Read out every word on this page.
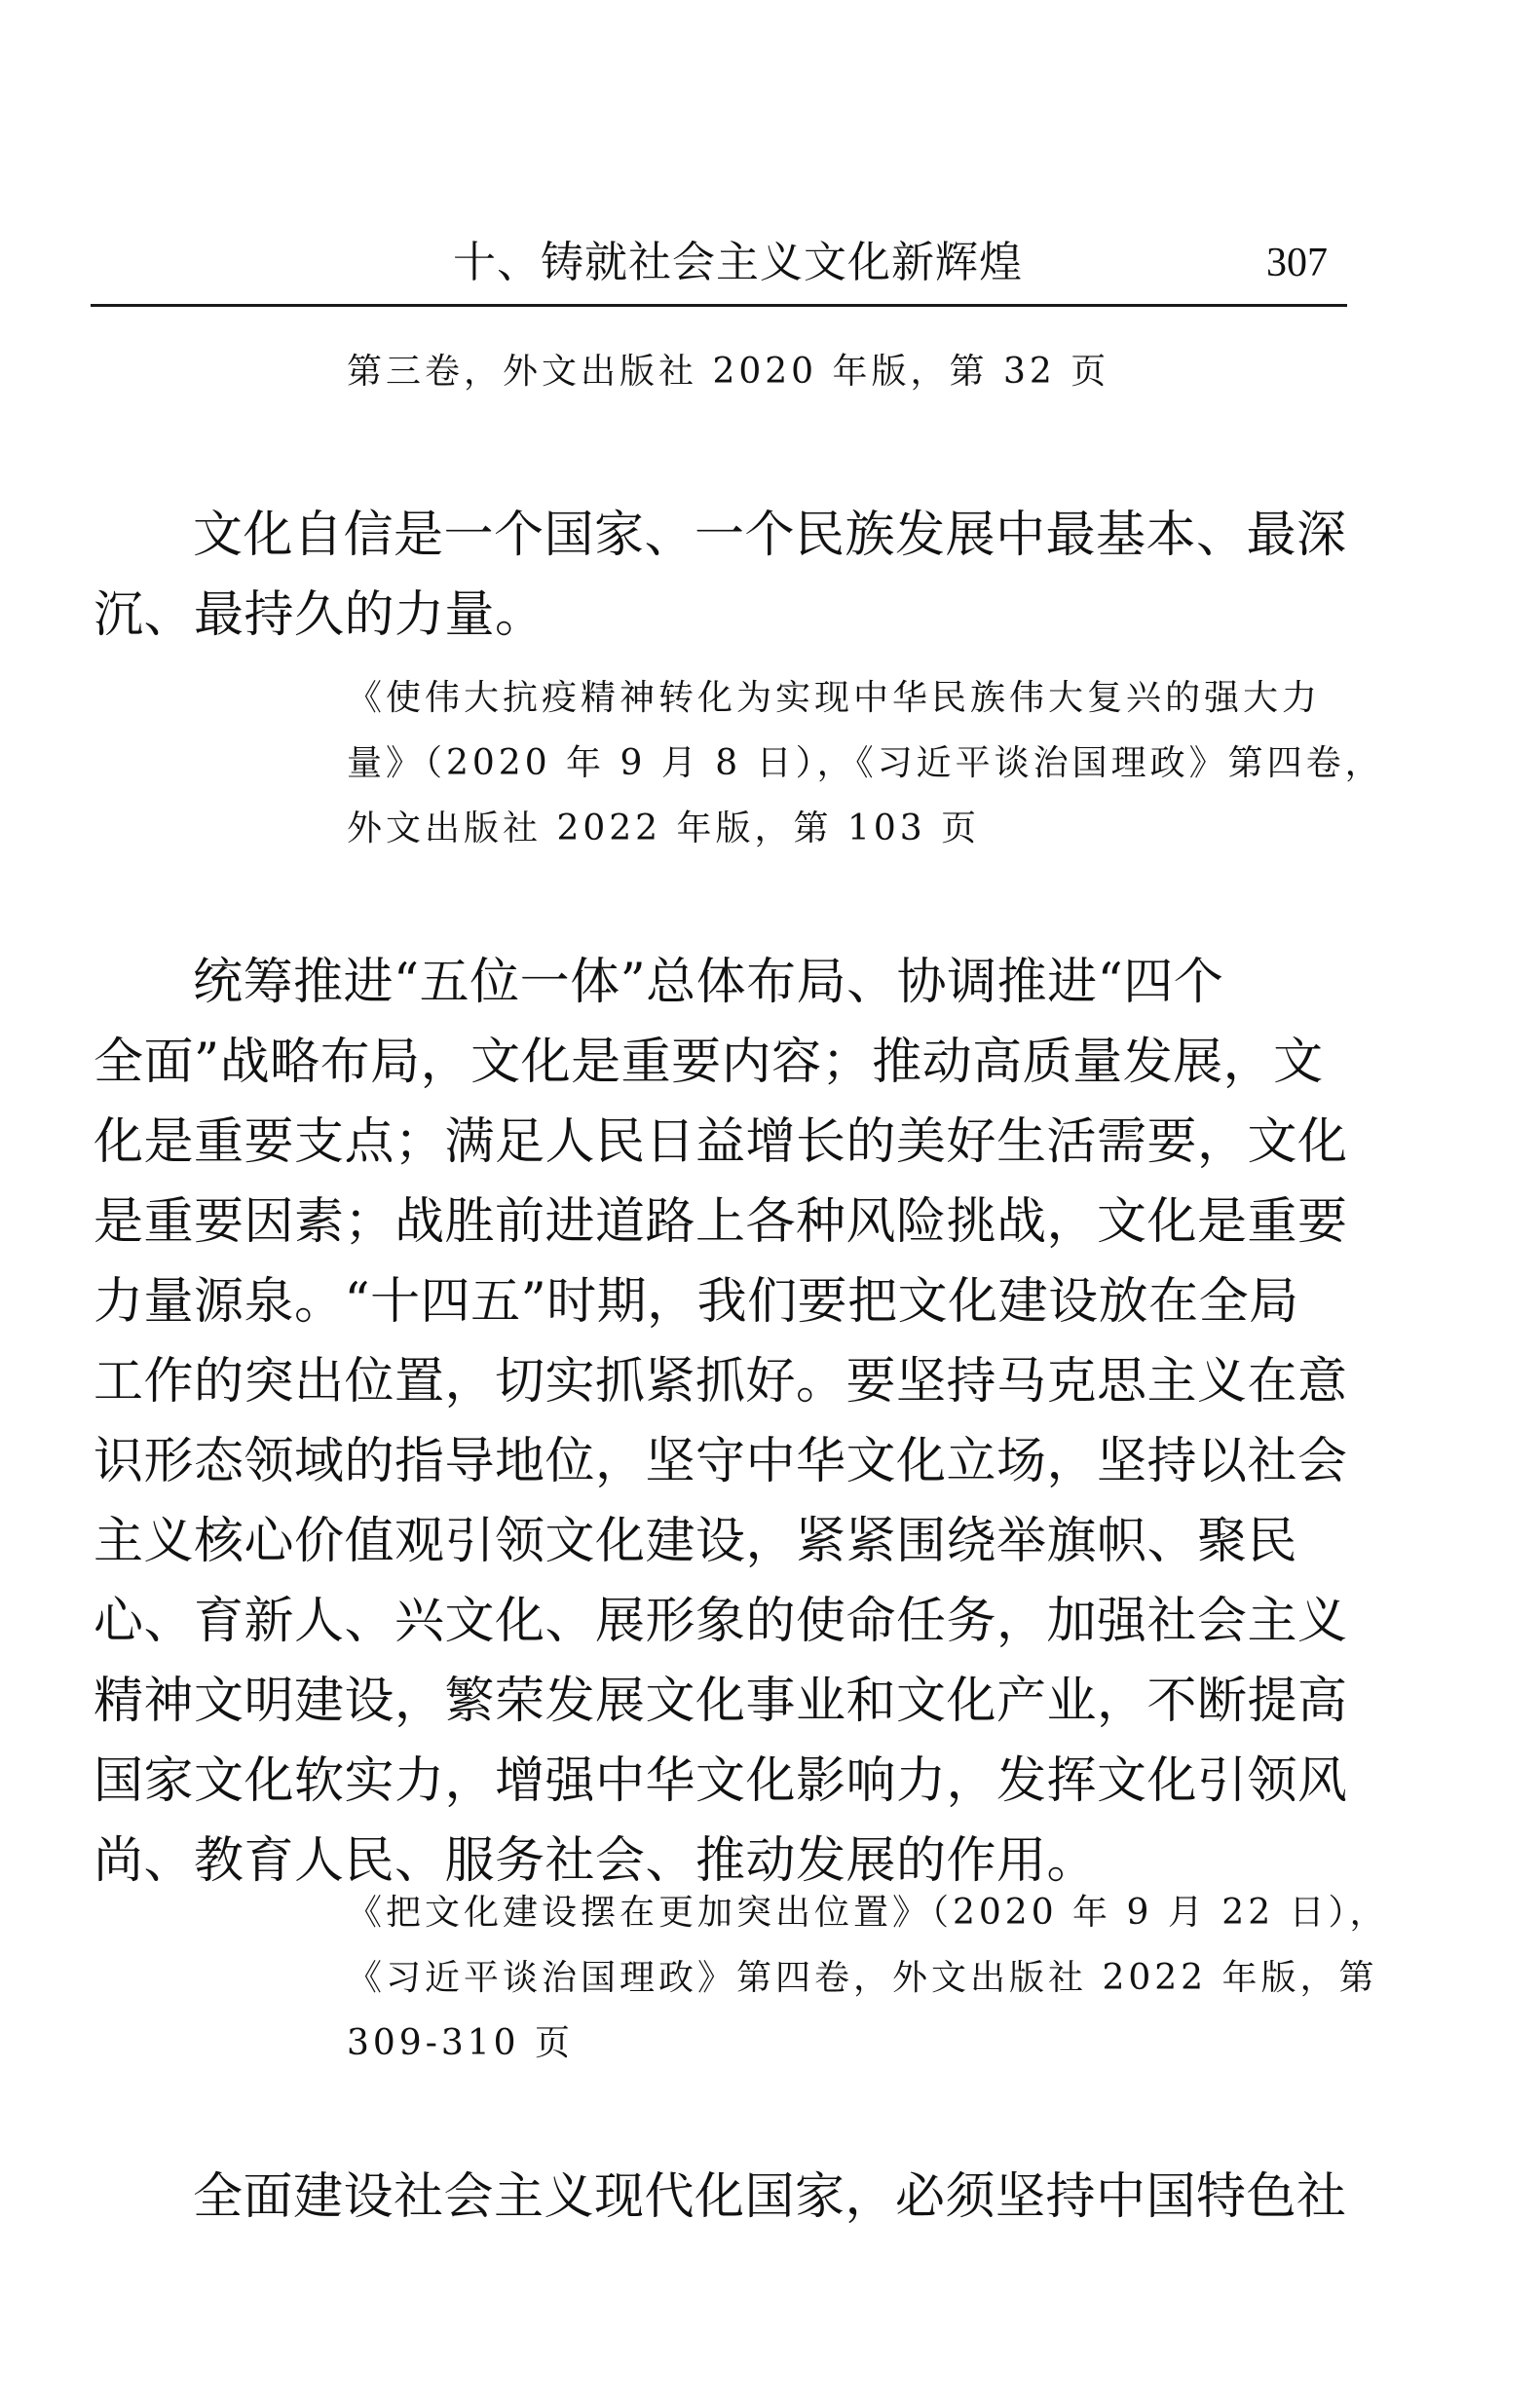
十、铸就社会主义文化新辉煌	307
第三卷，外文出版社 2020 年版，第 32 页
文化自信是一个国家、一个民族发展中最基本、最深
沉、最持久的力量。
《使伟大抗疫精神转化为实现中华民族伟大复兴的强大力
量》（2020 年 9 月 8 日），《习近平谈治国理政》第四卷，
外文出版社 2022 年版，第 103 页
统筹推进“五位一体”总体布局、协调推进“四个
全面”战略布局，文化是重要内容；推动高质量发展，文
化是重要支点；满足人民日益增长的美好生活需要，文化
是重要因素；战胜前进道路上各种风险挑战，文化是重要
力量源泉。“十四五”时期，我们要把文化建设放在全局
工作的突出位置，切实抓紧抓好。要坚持马克思主义在意
识形态领域的指导地位，坚守中华文化立场，坚持以社会
主义核心价值观引领文化建设，紧紧围绕举旗帜、聚民
心、育新人、兴文化、展形象的使命任务，加强社会主义
精神文明建设，繁荣发展文化事业和文化产业，不断提高
国家文化软实力，增强中华文化影响力，发挥文化引领风
尚、教育人民、服务社会、推动发展的作用。
《把文化建设摆在更加突出位置》（2020 年 9 月 22 日），
《习近平谈治国理政》第四卷，外文出版社 2022 年版，第
309-310 页
全面建设社会主义现代化国家，必须坚持中国特色社
